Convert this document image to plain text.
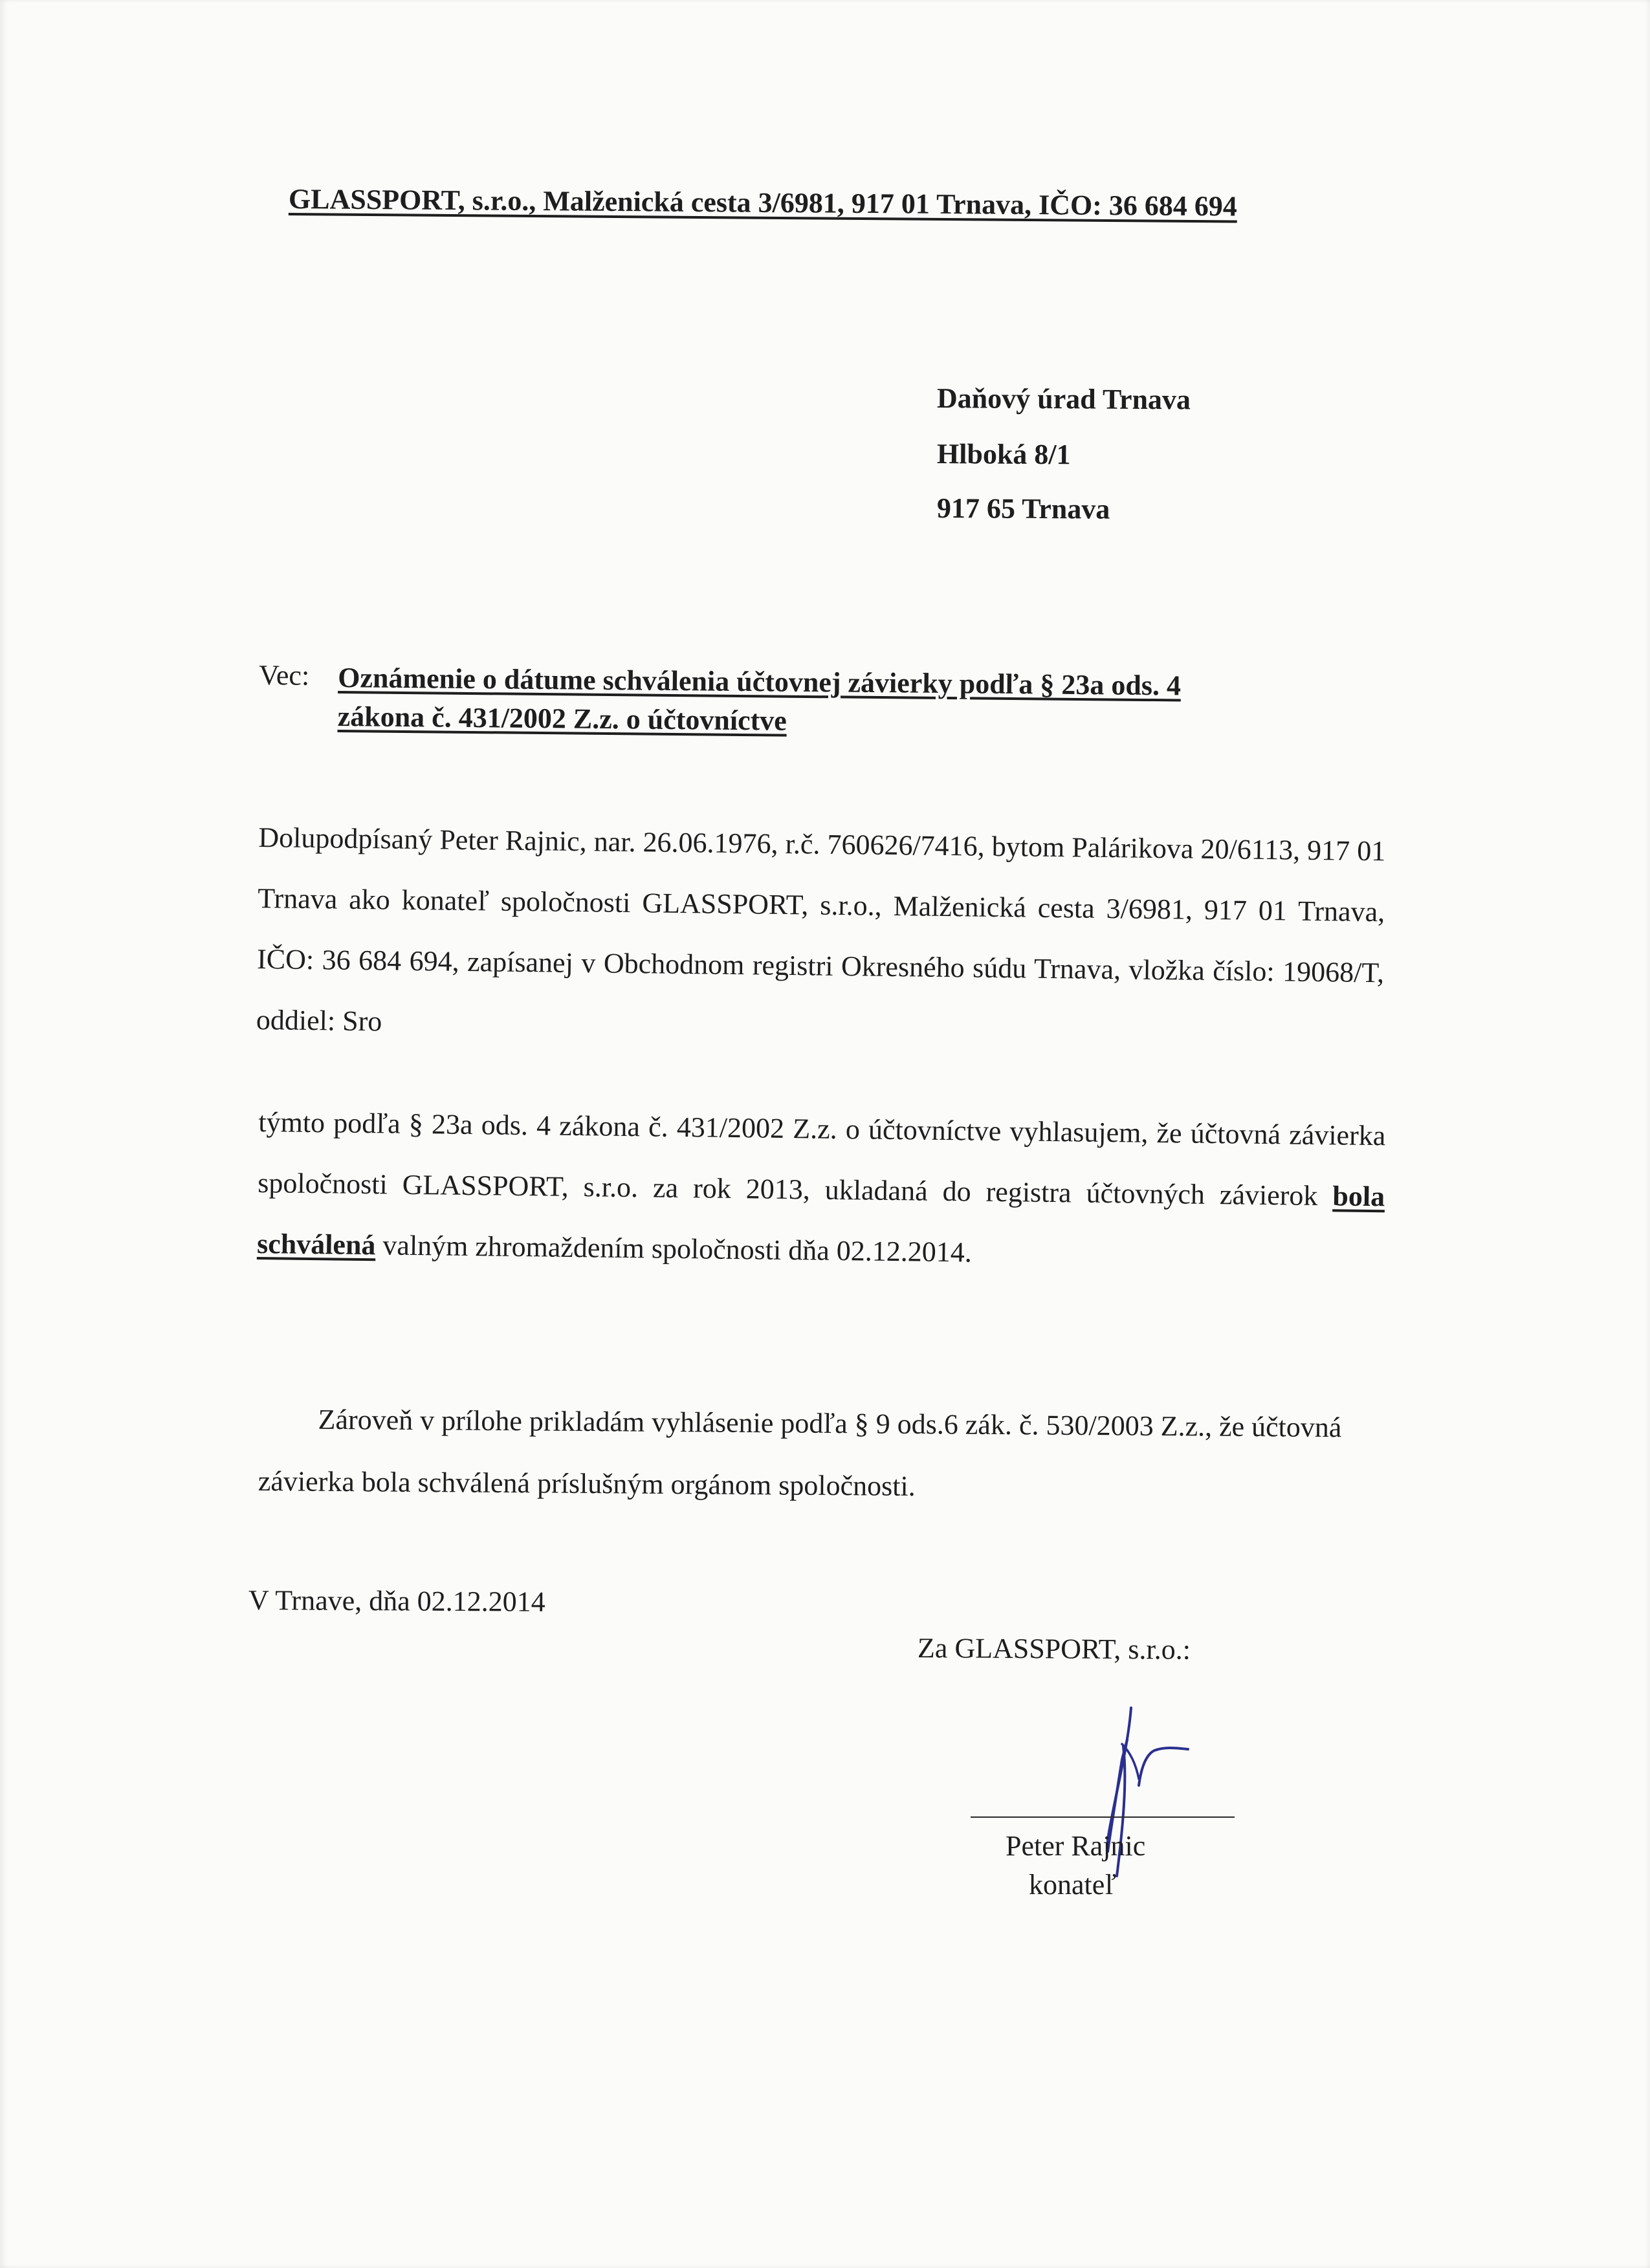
GLASSPORT, s.r.o., Malženická cesta 3/6981, 917 01 Trnava, IČO: 36 684 694
Daňový úrad Trnava
Hlboká 8/1
917 65 Trnava
Vec: Oznámenie o dátume schválenia účtovnej závierky podľa § 23a ods. 4
zákona č. 431/2002 Z.z. o účtovníctve
Dolupodpísaný Peter Rajnic, nar. 26.06.1976, r.č. 760626/7416, bytom Palárikova 20/6113, 917 01 Trnava ako konateľ spoločnosti GLASSPORT, s.r.o., Malženická cesta 3/6981, 917 01 Trnava, IČO: 36 684 694, zapísanej v Obchodnom registri Okresného súdu Trnava, vložka číslo: 19068/T, oddiel: Sro
týmto podľa § 23a ods. 4 zákona č. 431/2002 Z.z. o účtovníctve vyhlasujem, že účtovná závierka spoločnosti GLASSPORT, s.r.o. za rok 2013, ukladaná do registra účtovných závierok bola schválená valným zhromaždením spoločnosti dňa 02.12.2014.
Zároveň v prílohe prikladám vyhlásenie podľa § 9 ods.6 zák. č. 530/2003 Z.z., že účtovná závierka bola schválená príslušným orgánom spoločnosti.
V Trnave, dňa 02.12.2014
Za GLASSPORT, s.r.o.:
Peter Rajnic
konateľ
